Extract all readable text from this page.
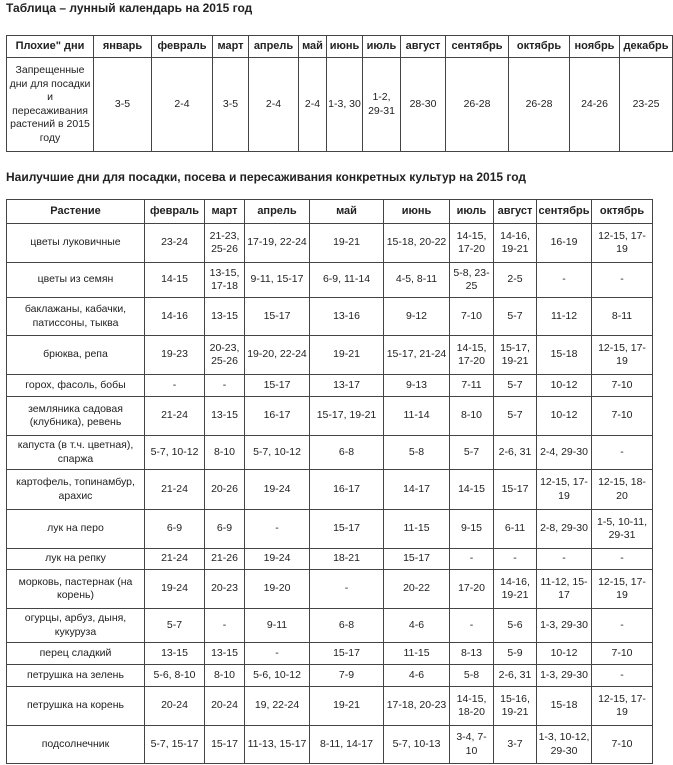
Таблица – лунный календарь на 2015 год
Плохие" дни	январь	февраль	март	апрель	май	июнь	июль	август	сентябрь	октябрь	ноябрь	декабрь
Запрещенные дни для посадки и пересаживания растений в 2015 году	3-5	2-4	3-5	2-4	2-4	1-3, 30	1-2, 29-31	28-30	26-28	26-28	24-26	23-25
Наилучшие дни для посадки, посева и пересаживания конкретных культур на 2015 год
Растение	февраль	март	апрель	май	июнь	июль	август	сентябрь	октябрь
цветы луковичные	23-24	21-23, 25-26	17-19, 22-24	19-21	15-18, 20-22	14-15, 17-20	14-16, 19-21	16-19	12-15, 17-19
цветы из семян	14-15	13-15, 17-18	9-11, 15-17	6-9, 11-14	4-5, 8-11	5-8, 23-25	2-5	-	-
баклажаны, кабачки, патиссоны, тыква	14-16	13-15	15-17	13-16	9-12	7-10	5-7	11-12	8-11
брюква, репа	19-23	20-23, 25-26	19-20, 22-24	19-21	15-17, 21-24	14-15, 17-20	15-17, 19-21	15-18	12-15, 17-19
горох, фасоль, бобы	-	-	15-17	13-17	9-13	7-11	5-7	10-12	7-10
земляника садовая (клубника), ревень	21-24	13-15	16-17	15-17, 19-21	11-14	8-10	5-7	10-12	7-10
капуста (в т.ч. цветная), спаржа	5-7, 10-12	8-10	5-7, 10-12	6-8	5-8	5-7	2-6, 31	2-4, 29-30	-
картофель, топинамбур, арахис	21-24	20-26	19-24	16-17	14-17	14-15	15-17	12-15, 17-19	12-15, 18-20
лук на перо	6-9	6-9	-	15-17	11-15	9-15	6-11	2-8, 29-30	1-5, 10-11, 29-31
лук на репку	21-24	21-26	19-24	18-21	15-17	-	-	-	-
морковь, пастернак (на корень)	19-24	20-23	19-20	-	20-22	17-20	14-16, 19-21	11-12, 15-17	12-15, 17-19
огурцы, арбуз, дыня, кукуруза	5-7	-	9-11	6-8	4-6	-	5-6	1-3, 29-30	-
перец сладкий	13-15	13-15	-	15-17	11-15	8-13	5-9	10-12	7-10
петрушка на зелень	5-6, 8-10	8-10	5-6, 10-12	7-9	4-6	5-8	2-6, 31	1-3, 29-30	-
петрушка на корень	20-24	20-24	19, 22-24	19-21	17-18, 20-23	14-15, 18-20	15-16, 19-21	15-18	12-15, 17-19
подсолнечник	5-7, 15-17	15-17	11-13, 15-17	8-11, 14-17	5-7, 10-13	3-4, 7-10	3-7	1-3, 10-12, 29-30	7-10
